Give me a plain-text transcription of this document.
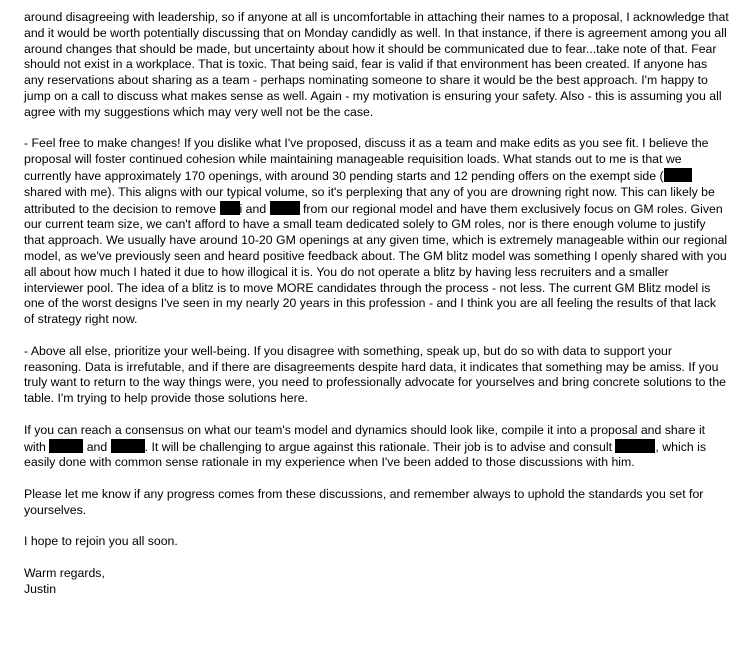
around disagreeing with leadership, so if anyone at all is uncomfortable in attaching their names to a proposal, I acknowledge that and it would be worth potentially discussing that on Monday candidly as well. In that instance, if there is agreement among you all around changes that should be made, but uncertainty about how it should be communicated due to fear...take note of that. Fear should not exist in a workplace. That is toxic. That being said, fear is valid if that environment has been created. If anyone has any reservations about sharing as a team - perhaps nominating someone to share it would be the best approach. I'm happy to jump on a call to discuss what makes sense as well. Again - my motivation is ensuring your safety. Also - this is assuming you all agree with my suggestions which may very well not be the case.

- Feel free to make changes! If you dislike what I've proposed, discuss it as a team and make edits as you see fit. I believe the proposal will foster continued cohesion while maintaining manageable requisition loads. What stands out to me is that we currently have approximately 170 openings, with around 30 pending starts and 12 pending offers on the exempt side ( shared with me). This aligns with our typical volume, so it's perplexing that any of you are drowning right now. This can likely be attributed to the decision to remove i and  from our regional model and have them exclusively focus on GM roles. Given our current team size, we can't afford to have a small team dedicated solely to GM roles, nor is there enough volume to justify that approach. We usually have around 10-20 GM openings at any given time, which is extremely manageable within our regional model, as we've previously seen and heard positive feedback about. The GM blitz model was something I openly shared with you all about how much I hated it due to how illogical it is. You do not operate a blitz by having less recruiters and a smaller interviewer pool. The idea of a blitz is to move MORE candidates through the process - not less. The current GM Blitz model is one of the worst designs I've seen in my nearly 20 years in this profession - and I think you are all feeling the results of that lack of strategy right now.

- Above all else, prioritize your well-being. If you disagree with something, speak up, but do so with data to support your reasoning. Data is irrefutable, and if there are disagreements despite hard data, it indicates that something may be amiss. If you truly want to return to the way things were, you need to professionally advocate for yourselves and bring concrete solutions to the table. I'm trying to help provide those solutions here.

If you can reach a consensus on what our team's model and dynamics should look like, compile it into a proposal and share it with	and	. It will be challenging to argue against this rationale. Their job is to advise and consult	, which is easily done with common sense rationale in my experience when I've been added to those discussions with him.

Please let me know if any progress comes from these discussions, and remember always to uphold the standards you set for yourselves.

I hope to rejoin you all soon.

Warm regards,

Justin
